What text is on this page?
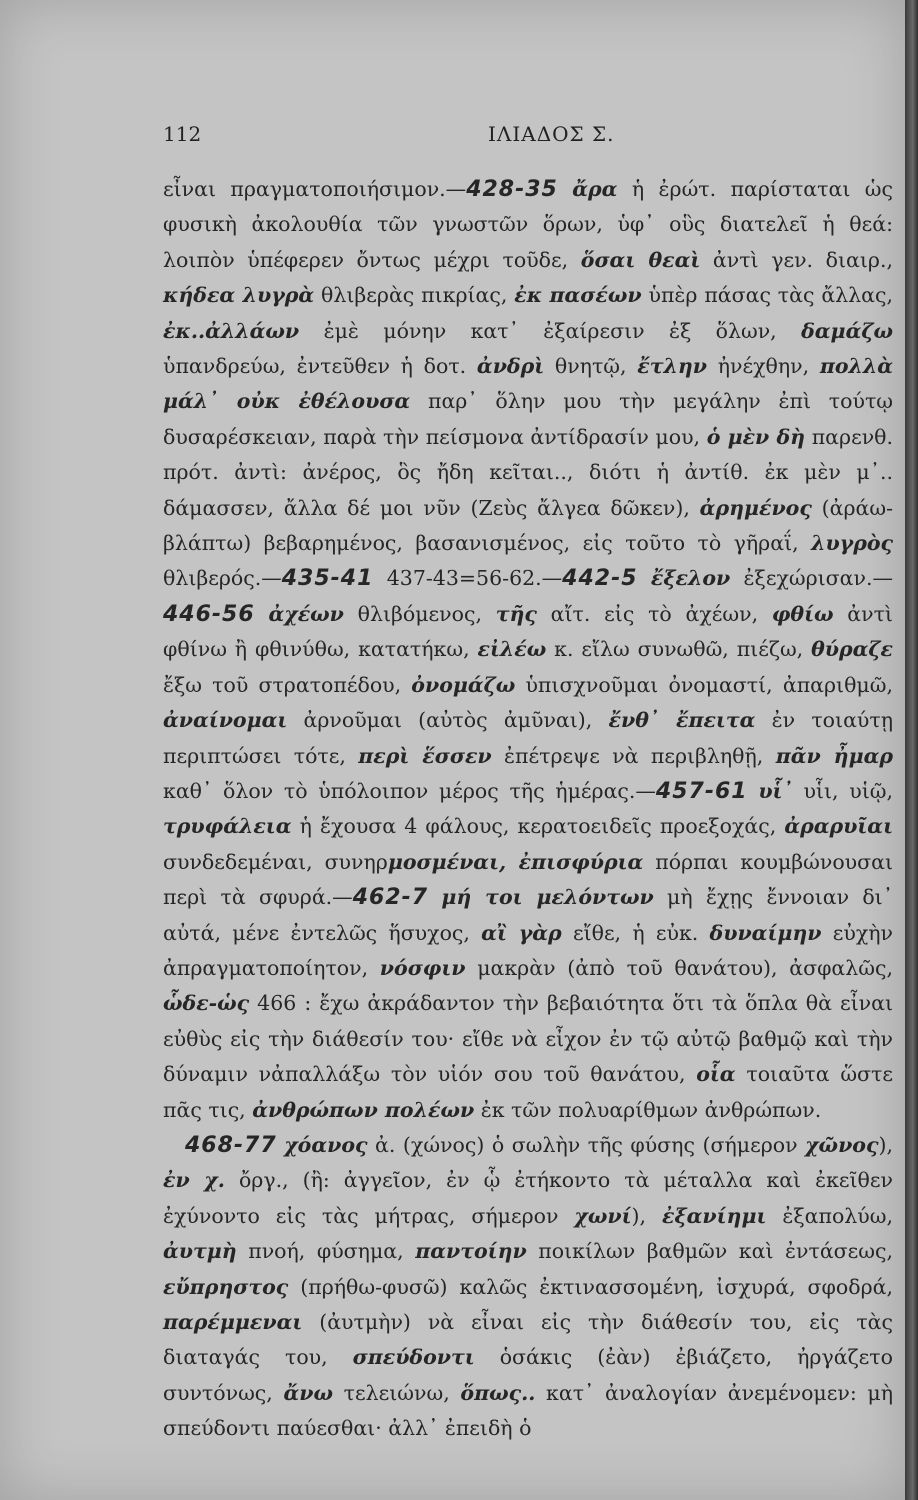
112	ΙΛΙΑΔΟΣ Σ.

εἶναι πραγματοποιήσιμον.—428-35 ἄρα ἡ ἐρώτ. παρίσταται ὡς φυσικὴ ἀκολουθία τῶν γνωστῶν ὅρων, ὑφ᾿ οὓς διατελεῖ ἡ θεά: λοιπὸν ὑπέφερεν ὄντως μέχρι τοῦδε, ὅσαι θεαὶ ἀντὶ γεν. διαιρ., κήδεα λυγρὰ θλιβερὰς πικρίας, ἐκ πασέων ὑπὲρ πάσας τὰς ἄλλας, ἐκ..ἀλλάων ἐμὲ μόνην κατ᾿ ἐξαίρεσιν ἐξ ὅλων, δαμάζω ὑπανδρεύω, ἐντεῦθεν ἡ δοτ. ἀνδρὶ θνητῷ, ἔτλην ἠνέχθην, πολλὰ μάλ᾿ οὐκ ἐθέλουσα παρ᾿ ὅλην μου τὴν μεγάλην ἐπὶ τούτῳ δυσαρέσκειαν, παρὰ τὴν πείσμονα ἀντίδρασίν μου, ὁ μὲν δὴ παρενθ. πρότ. ἀντὶ: ἀνέρος, ὃς ἤδη κεῖται.., διότι ἡ ἀντίθ. ἐκ μὲν μ᾿.. δάμασσεν, ἄλλα δέ μοι νῦν (Ζεὺς ἄλγεα δῶκεν), ἀρημένος (ἀράω-βλάπτω) βεβαρημένος, βασανισμένος, εἰς τοῦτο τὸ γῆραΐ, λυγρὸς θλιβερός.—435-41 437-43=56-62.—442-5 ἔξελον ἐξεχώρισαν.— 446-56 ἀχέων θλιβόμενος, τῆς αἴτ. εἰς τὸ ἀχέων, φθίω ἀντὶ φθίνω ἢ φθινύθω, κατατήκω, εἰλέω κ. εἴλω συνωθῶ, πιέζω, θύραζε ἔξω τοῦ στρατοπέδου, ὀνομάζω ὑπισχνοῦμαι ὀνομαστί, ἀπαριθμῶ, ἀναίνομαι ἀρνοῦμαι (αὐτὸς ἀμῦναι), ἔνθ᾿ ἔπειτα ἐν τοιαύτῃ περιπτώσει τότε, περὶ ἕσσεν ἐπέτρεψε νὰ περιβληθῇ, πᾶν ἦμαρ καθ᾿ ὅλον τὸ ὑπόλοιπον μέρος τῆς ἡμέρας.—457-61 υἷ᾿ υἷι, υἱῷ, τρυφάλεια ἡ ἔχουσα 4 φάλους, κερατοειδεῖς προεξοχάς, ἀραρυῖαι συνδεδεμέναι, συνηρμοσμέναι, ἐπισφύρια πόρπαι κουμβώνουσαι περὶ τὰ σφυρά.—462-7 μή τοι μελόντων μὴ ἔχῃς ἔννοιαν δι᾿ αὐτά, μένε ἐντελῶς ἥσυχος, αἲ γὰρ εἴθε, ἡ εὐκ. δυναίμην εὐχὴν ἀπραγματοποίητον, νόσφιν μακρὰν (ἀπὸ τοῦ θανάτου), ἀσφαλῶς, ὧδε-ὡς 466 : ἔχω ἀκράδαντον τὴν βεβαιότητα ὅτι τὰ ὅπλα θὰ εἶναι εὐθὺς εἰς τὴν διάθεσίν του· εἴθε νὰ εἶχον ἐν τῷ αὐτῷ βαθμῷ καὶ τὴν δύναμιν νἀπαλλάξω τὸν υἱόν σου τοῦ θανάτου, οἷα τοιαῦτα ὥστε πᾶς τις, ἀνθρώπων πολέων ἐκ τῶν πολυαρίθμων ἀνθρώπων.

468-77 χόανος ἀ. (χώνος) ὁ σωλὴν τῆς φύσης (σήμερον χῶνος), ἐν χ. ὄργ., (ἢ: ἀγγεῖον, ἐν ᾧ ἐτήκοντο τὰ μέταλλα καὶ ἐκεῖθεν ἐχύνοντο εἰς τὰς μήτρας, σήμερον χωνί), ἐξανίημι ἐξαπολύω, ἀυτμὴ πνοή, φύσημα, παντοίην ποικίλων βαθμῶν καὶ ἐντάσεως, εὔπρηστος (πρήθω-φυσῶ) καλῶς ἐκτινασσομένη, ἰσχυρά, σφοδρά, παρέμμεναι (ἀυτμὴν) νὰ εἶναι εἰς τὴν διάθεσίν του, εἰς τὰς διαταγάς του, σπεύδοντι ὁσάκις (ἐὰν) ἐβιάζετο, ἠργάζετο συντόνως, ἄνω τελειώνω, ὅπως.. κατ᾿ ἀναλογίαν ἀνεμένομεν: μὴ σπεύδοντι παύεσθαι· ἀλλ᾿ ἐπειδὴ ὁ
